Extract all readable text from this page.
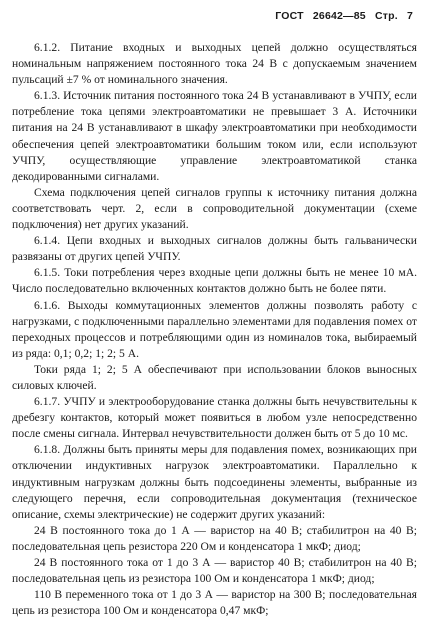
ГОСТ 26642—85 Стр. 7

6.1.2. Питание входных и выходных цепей должно осуществляться номинальным напряжением постоянного тока 24 В с допускаемым значением пульсаций ±7 % от номинального значения.

6.1.3. Источник питания постоянного тока 24 В устанавливают в УЧПУ, если потребление тока цепями электроавтоматики не превышает 3 А. Источники питания на 24 В устанавливают в шкафу электроавтоматики при необходимости обеспечения цепей электроавтоматики большим током или, если используют УЧПУ, осуществляющие управление электроавтоматикой станка декодированными сигналами.

Схема подключения цепей сигналов группы к источнику питания должна соответствовать черт. 2, если в сопроводительной документации (схеме подключения) нет других указаний.

6.1.4. Цепи входных и выходных сигналов должны быть гальванически развязаны от других цепей УЧПУ.

6.1.5. Токи потребления через входные цепи должны быть не менее 10 мА. Число последовательно включенных контактов должно быть не более пяти.

6.1.6. Выходы коммутационных элементов должны позволять работу с нагрузками, с подключенными параллельно элементами для подавления помех от переходных процессов и потребляющими один из номиналов тока, выбираемый из ряда: 0,1; 0,2; 1; 2; 5 А.

Токи ряда 1; 2; 5 А обеспечивают при использовании блоков выносных силовых ключей.

6.1.7. УЧПУ и электрооборудование станка должны быть нечувствительны к дребезгу контактов, который может появиться в любом узле непосредственно после смены сигнала. Интервал нечувствительности должен быть от 5 до 10 мс.

6.1.8. Должны быть приняты меры для подавления помех, возникающих при отключении индуктивных нагрузок электроавтоматики. Параллельно к индуктивным нагрузкам должны быть подсоединены элементы, выбранные из следующего перечня, если сопроводительная документация (техническое описание, схемы электрические) не содержит других указаний:

24 В постоянного тока до 1 А — варистор на 40 В; стабилитрон на 40 В; последовательная цепь резистора 220 Ом и конденсатора 1 мкФ; диод;

24 В постоянного тока от 1 до 3 А — варистор 40 В; стабилитрон на 40 В; последовательная цепь из резистора 100 Ом и конденсатора 1 мкФ; диод;

110 В переменного тока от 1 до 3 А — варистор на 300 В; последовательная цепь из резистора 100 Ом и конденсатора 0,47 мкФ;
